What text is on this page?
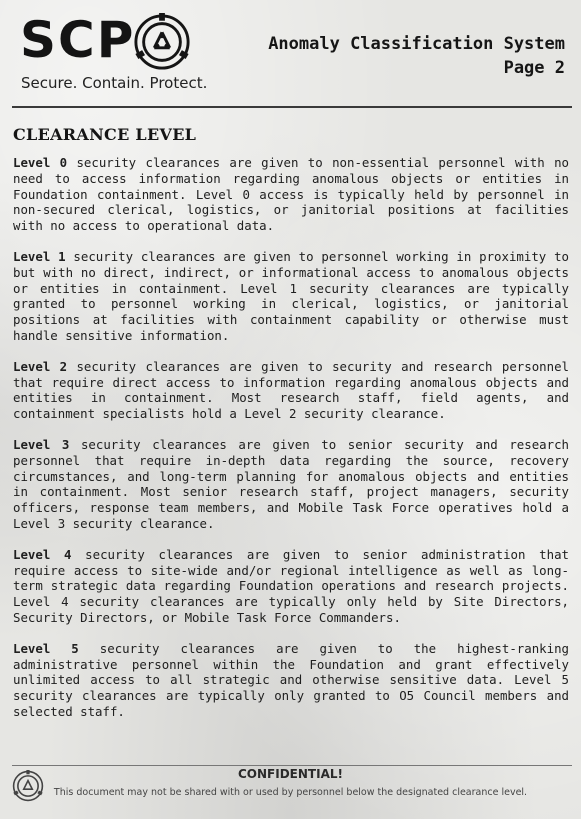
SCP
Secure. Contain. Protect.
Anomaly Classification System
Page 2
CLEARANCE LEVEL

Level 0 security clearances are given to non-essential personnel with no need to access information regarding anomalous objects or entities in Foundation containment. Level 0 access is typically held by personnel in non-secured clerical, logistics, or janitorial positions at facilities with no access to operational data.

Level 1 security clearances are given to personnel working in proximity to but with no direct, indirect, or informational access to anomalous objects or entities in containment. Level 1 security clearances are typically granted to personnel working in clerical, logistics, or janitorial positions at facilities with containment capability or otherwise must handle sensitive information.

Level 2 security clearances are given to security and research personnel that require direct access to information regarding anomalous objects and entities in containment. Most research staff, field agents, and containment specialists hold a Level 2 security clearance.

Level 3 security clearances are given to senior security and research personnel that require in-depth data regarding the source, recovery circumstances, and long-term planning for anomalous objects and entities in containment. Most senior research staff, project managers, security officers, response team members, and Mobile Task Force operatives hold a Level 3 security clearance.

Level 4 security clearances are given to senior administration that require access to site-wide and/or regional intelligence as well as long-term strategic data regarding Foundation operations and research projects. Level 4 security clearances are typically only held by Site Directors, Security Directors, or Mobile Task Force Commanders.

Level 5 security clearances are given to the highest-ranking administrative personnel within the Foundation and grant effectively unlimited access to all strategic and otherwise sensitive data. Level 5 security clearances are typically only granted to O5 Council members and selected staff.

CONFIDENTIAL!
This document may not be shared with or used by personnel below the designated clearance level.
